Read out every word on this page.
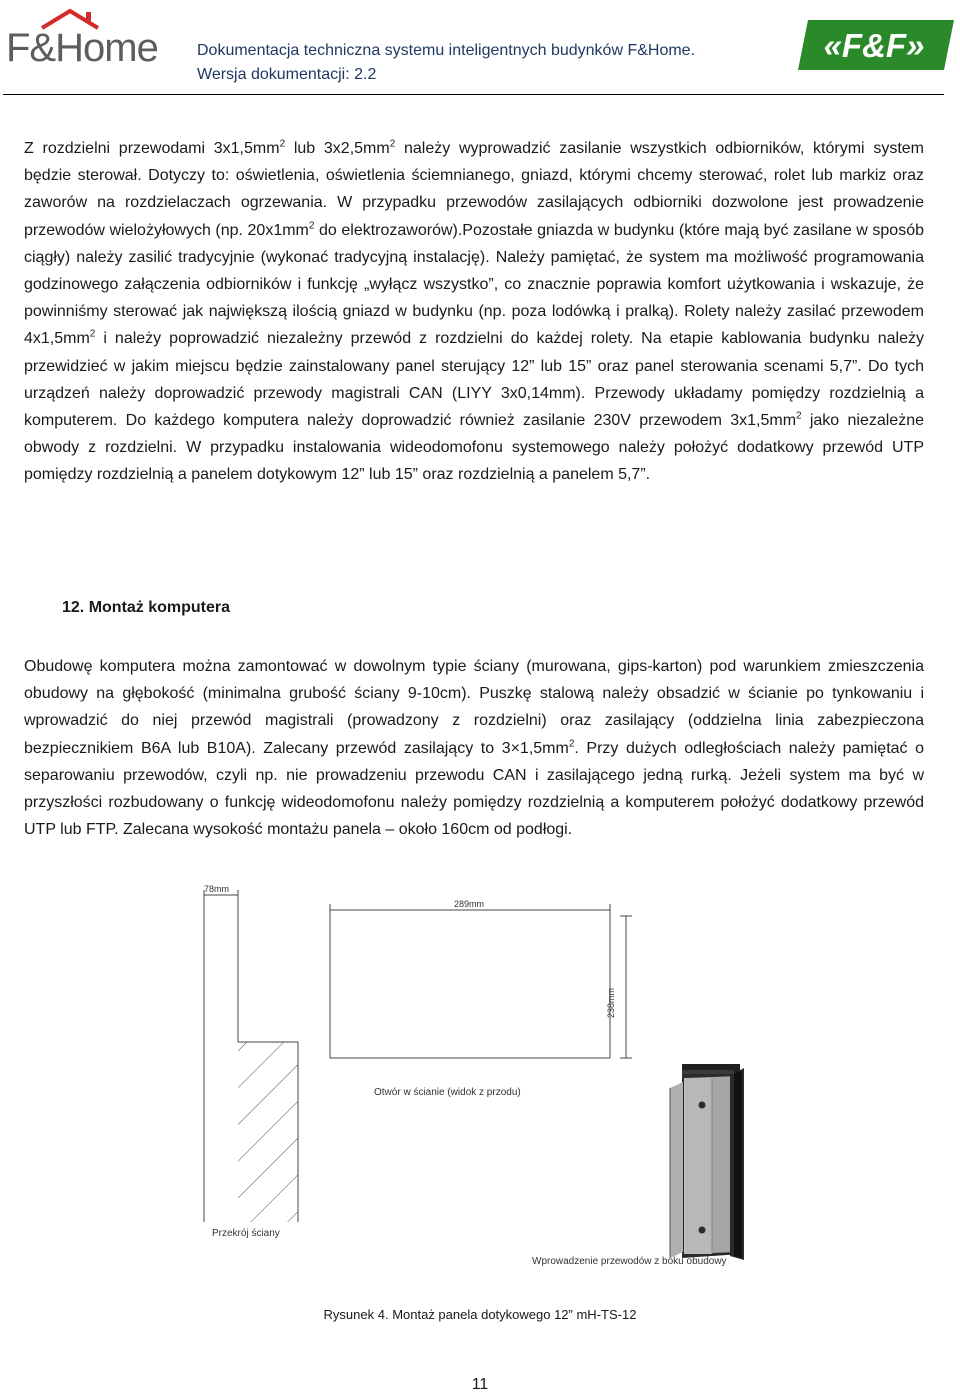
F&Home Dokumentacja techniczna systemu inteligentnych budynków F&Home.
Wersja dokumentacji: 2.2
«F&F»

Z rozdzielni przewodami $3x1,5mm^2$ lub $3x2,5mm^2$ należy wyprowadzić zasilanie wszystkich odbiorników, którymi system będzie sterował. Dotyczy to: oświetlenia, oświetlenia ściemnianego, gniazd, którymi chcemy sterować, rolet lub markiz oraz zaworów na rozdzielaczach ogrzewania. W przypadku przewodów zasilających odbiorniki dozwolone jest prowadzenie przewodów wielożyłowych (np. $20x1mm^2$ do elektrozaworów).Pozostałe gniazda w budynku (które mają być zasilane w sposób ciągły) należy zasilić tradycyjnie (wykonać tradycyjną instalację). Należy pamiętać, że system ma możliwość programowania godzinowego załączenia odbiorników i funkcję „wyłącz wszystko”, co znacznie poprawia komfort użytkowania i wskazuje, że powinniśmy sterować jak największą ilością gniazd w budynku (np. poza lodówką i pralką). Rolety należy zasilać przewodem $4x1,5mm^2$ i należy poprowadzić niezależny przewód z rozdzielni do każdej rolety. Na etapie kablowania budynku należy przewidzieć w jakim miejscu będzie zainstalowany panel sterujący 12” lub 15” oraz panel sterowania scenami 5,7”. Do tych urządzeń należy doprowadzić przewody magistrali CAN (LIYY 3x0,14mm). Przewody układamy pomiędzy rozdzielnią a komputerem. Do każdego komputera należy doprowadzić również zasilanie 230V przewodem $3x1,5mm^2$ jako niezależne obwody z rozdzielni. W przypadku instalowania wideodomofonu systemowego należy położyć dodatkowy przewód UTP pomiędzy rozdzielnią a panelem dotykowym 12” lub 15” oraz rozdzielnią a panelem 5,7”.

12. Montaż komputera

Obudowę komputera można zamontować w dowolnym typie ściany (murowana, gips-karton) pod warunkiem zmieszczenia obudowy na głębokość (minimalna grubość ściany 9-10cm). Puszkę stalową należy obsadzić w ścianie po tynkowaniu i wprowadzić do niej przewód magistrali (prowadzony z rozdzielni) oraz zasilający (oddzielna linia zabezpieczona bezpiecznikiem B6A lub B10A). Zalecany przewód zasilający to $3\times 1,5mm^2$. Przy dużych odległościach należy pamiętać o separowaniu przewodów, czyli np. nie prowadzeniu przewodu CAN i zasilającego jedną rurką. Jeżeli system ma być w przyszłości rozbudowany o funkcję wideodomofonu należy pomiędzy rozdzielnią a komputerem położyć dodatkowy przewód UTP lub FTP. Zalecana wysokość montażu panela – około 160cm od podłogi.

78mm
Przekrój ściany
289mm
238mm
Otwór w ścianie (widok z przodu)
Wprowadzenie przewodów z boku obudowy
Rysunek 4. Montaż panela dotykowego 12” mH-TS-12
11
